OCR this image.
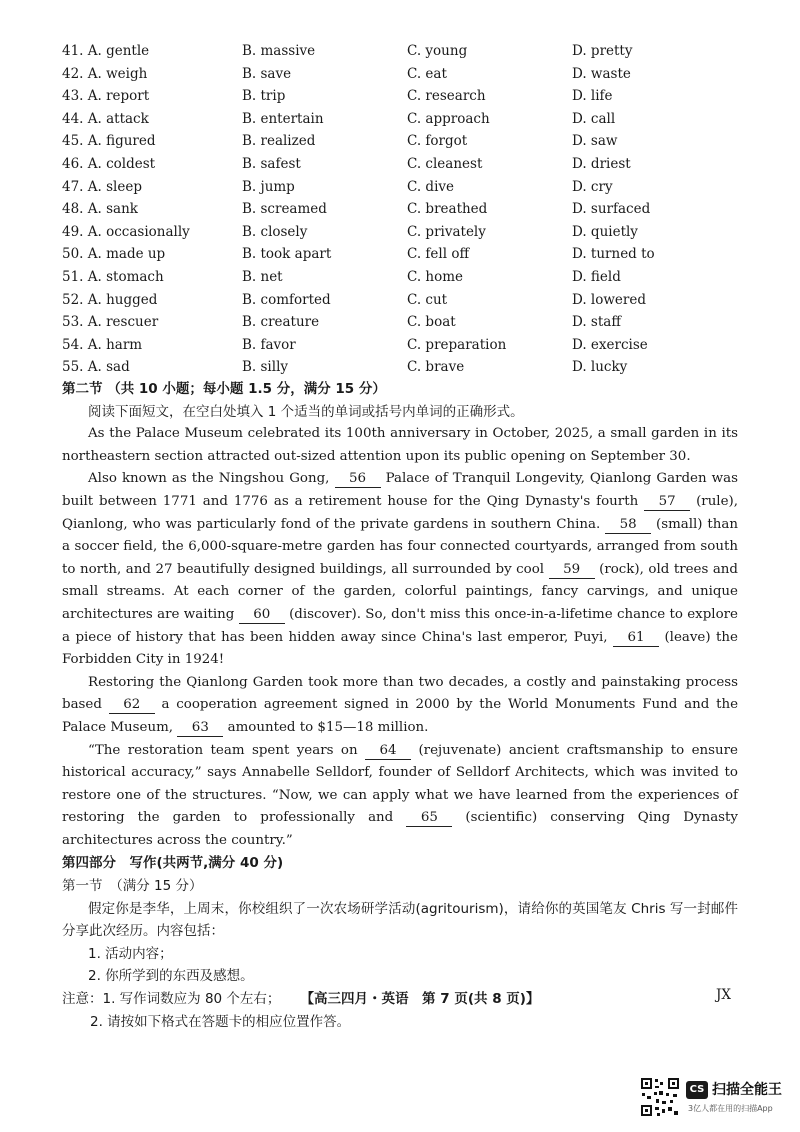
41. A. gentle	B. massive	C. young	D. pretty
42. A. weigh	B. save	C. eat	D. waste
43. A. report	B. trip	C. research	D. life
44. A. attack	B. entertain	C. approach	D. call
45. A. figured	B. realized	C. forgot	D. saw
46. A. coldest	B. safest	C. cleanest	D. driest
47. A. sleep	B. jump	C. dive	D. cry
48. A. sank	B. screamed	C. breathed	D. surfaced
49. A. occasionally	B. closely	C. privately	D. quietly
50. A. made up	B. took apart	C. fell off	D. turned to
51. A. stomach	B. net	C. home	D. field
52. A. hugged	B. comforted	C. cut	D. lowered
53. A. rescuer	B. creature	C. boat	D. staff
54. A. harm	B. favor	C. preparation	D. exercise
55. A. sad	B. silly	C. brave	D. lucky

第二节 （共 10 小题；每小题 1.5 分，满分 15 分）

阅读下面短文，在空白处填入 1 个适当的单词或括号内单词的正确形式。

As the Palace Museum celebrated its 100th anniversary in October, 2025, a small garden in its northeastern section attracted out-sized attention upon its public opening on September 30.

Also known as the Ningshou Gong, 56 Palace of Tranquil Longevity, Qianlong Garden was built between 1771 and 1776 as a retirement house for the Qing Dynasty's fourth 57 (rule), Qianlong, who was particularly fond of the private gardens in southern China. 58 (small) than a soccer field, the 6,000-square-metre garden has four connected courtyards, arranged from south to north, and 27 beautifully designed buildings, all surrounded by cool 59 (rock), old trees and small streams. At each corner of the garden, colorful paintings, fancy carvings, and unique architectures are waiting 60 (discover). So, don't miss this once-in-a-lifetime chance to explore a piece of history that has been hidden away since China's last emperor, Puyi, 61 (leave) the Forbidden City in 1924!

Restoring the Qianlong Garden took more than two decades, a costly and painstaking process based 62 a cooperation agreement signed in 2000 by the World Monuments Fund and the Palace Museum, 63 amounted to $15—18 million.

“The restoration team spent years on 64 (rejuvenate) ancient craftsmanship to ensure historical accuracy,” says Annabelle Selldorf, founder of Selldorf Architects, which was invited to restore one of the structures. “Now, we can apply what we have learned from the experiences of restoring the garden to professionally and 65 (scientific) conserving Qing Dynasty architectures across the country.”

第四部分　写作(共两节,满分 40 分)

第一节　（满分 15 分）

假定你是李华，上周末，你校组织了一次农场研学活动(agritourism)，请给你的英国笔友 Chris 写一封邮件分享此次经历。内容包括：

1. 活动内容；

2. 你所学到的东西及感想。

注意：1. 写作词数应为 80 个左右；

2. 请按如下格式在答题卡的相应位置作答。

【高三四月・英语　第 7 页(共 8 页)】	JX
CS 扫描全能王
3亿人都在用的扫描App
